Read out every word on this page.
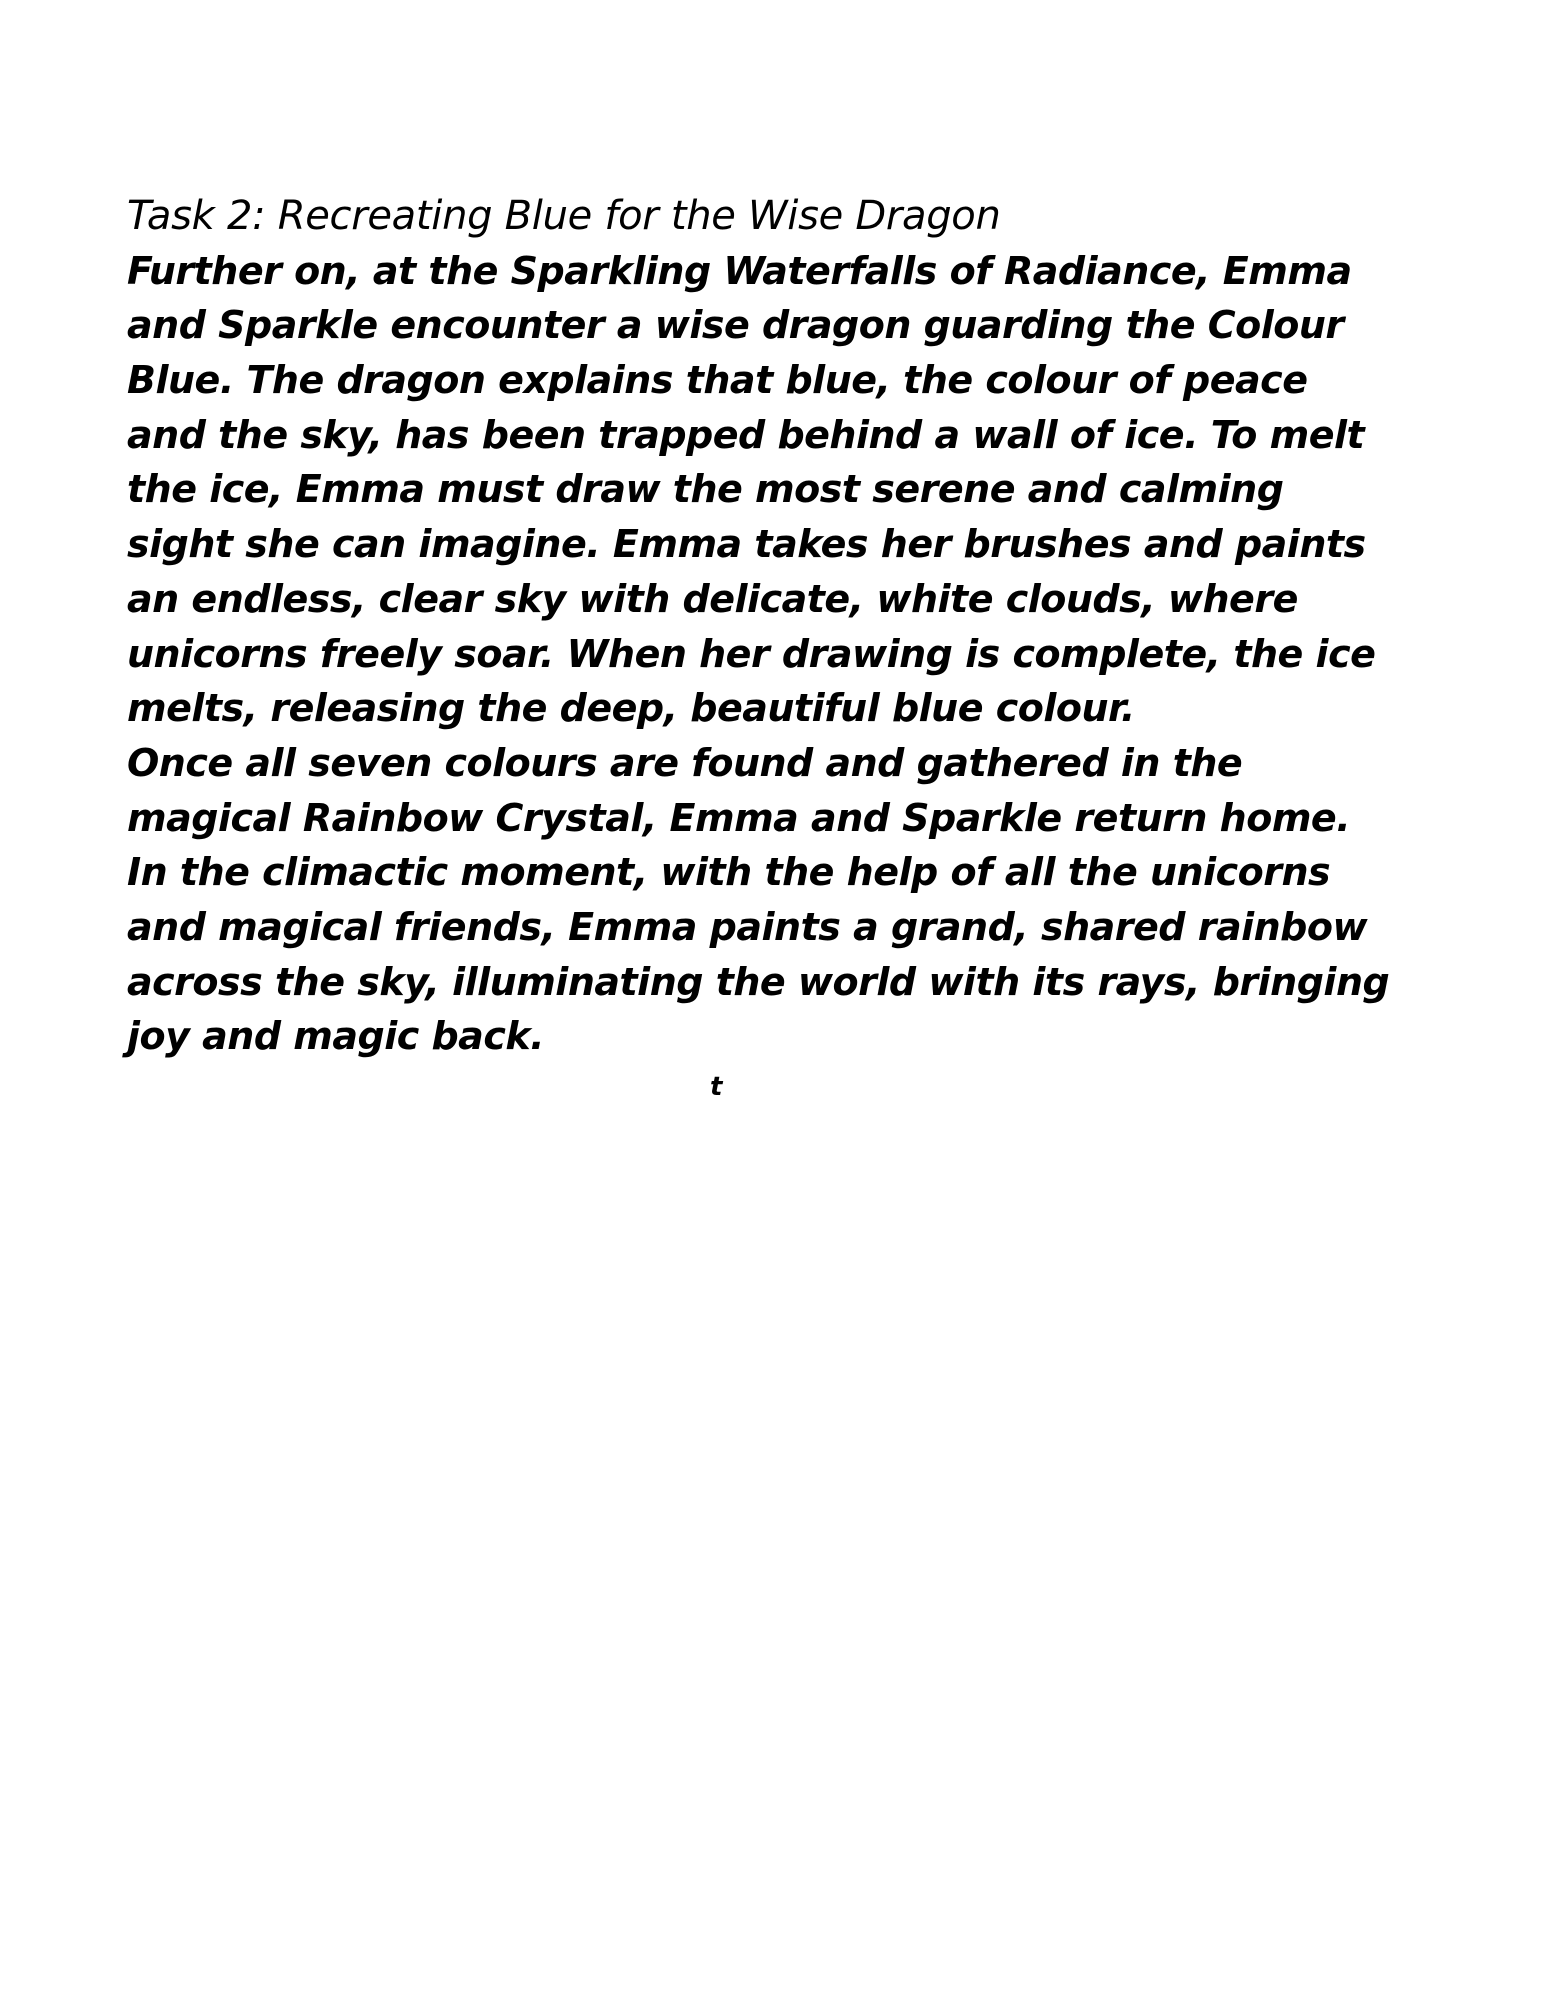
Task 2: Recreating Blue for the Wise Dragon
Further on, at the Sparkling Waterfalls of Radiance, Emma
and Sparkle encounter a wise dragon guarding the Colour
Blue. The dragon explains that blue, the colour of peace
and the sky, has been trapped behind a wall of ice. To melt
the ice, Emma must draw the most serene and calming
sight she can imagine. Emma takes her brushes and paints
an endless, clear sky with delicate, white clouds, where
unicorns freely soar. When her drawing is complete, the ice
melts, releasing the deep, beautiful blue colour.
Once all seven colours are found and gathered in the
magical Rainbow Crystal, Emma and Sparkle return home.
In the climactic moment, with the help of all the unicorns
and magical friends, Emma paints a grand, shared rainbow
across the sky, illuminating the world with its rays, bringing
joy and magic back.
t
